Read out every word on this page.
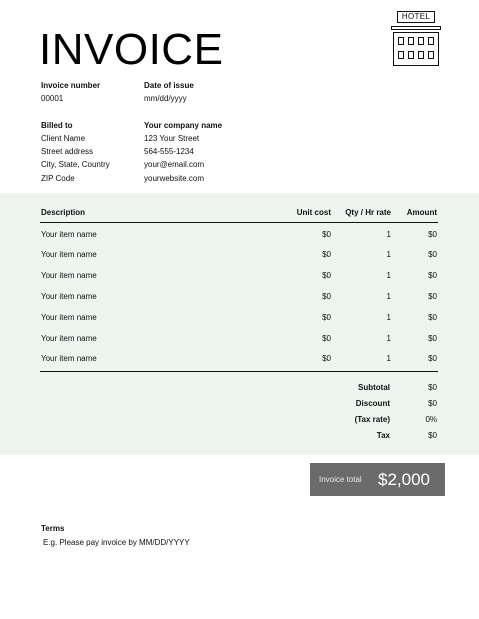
INVOICE
HOTEL
Invoice number
00001
Date of issue
mm/dd/yyyy
Billed to
Client Name
Street address
City, State, Country
ZIP Code
Your company name
123 Your Street
564-555-1234
your@email.com
yourwebsite.com
Description	Unit cost	Qty / Hr rate	Amount
Your item name	$0	1	$0
Your item name	$0	1	$0
Your item name	$0	1	$0
Your item name	$0	1	$0
Your item name	$0	1	$0
Your item name	$0	1	$0
Your item name	$0	1	$0
Subtotal	$0
Discount	$0
(Tax rate)	0%
Tax	$0
Invoice total $2,000
Terms
E.g. Please pay invoice by MM/DD/YYYY
